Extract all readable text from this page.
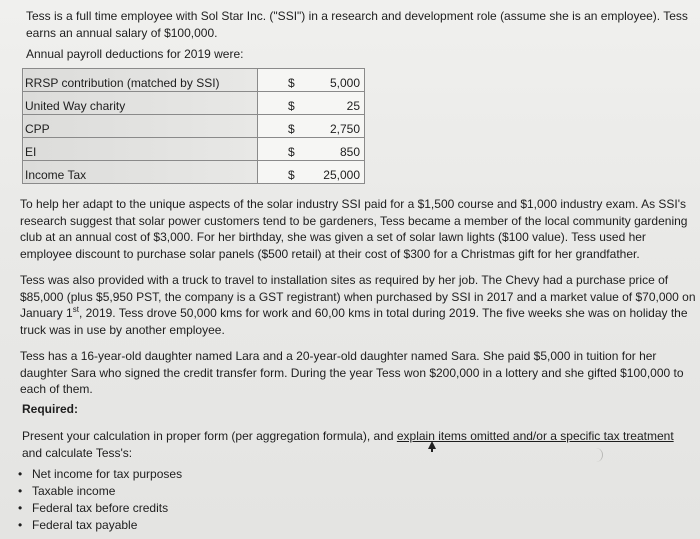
Tess is a full time employee with Sol Star Inc. ("SSI") in a research and development role (assume she is an employee). Tess
earns an annual salary of $100,000.
Annual payroll deductions for 2019 were:
RRSP contribution (matched by SSI)	$ 5,000

United Way charity	$ 25

CPP	$ 2,750

EI	$ 850

Income Tax	$ 25,000
To help her adapt to the unique aspects of the solar industry SSI paid for a $1,500 course and $1,000 industry exam. As SSI's
research suggest that solar power customers tend to be gardeners, Tess became a member of the local community gardening
club at an annual cost of $3,000. For her birthday, she was given a set of solar lawn lights ($100 value). Tess used her
employee discount to purchase solar panels ($500 retail) at their cost of $300 for a Christmas gift for her grandfather.
Tess was also provided with a truck to travel to installation sites as required by her job. The Chevy had a purchase price of
$85,000 (plus $5,950 PST, the company is a GST registrant) when purchased by SSI in 2017 and a market value of $70,000 on
January 1st, 2019. Tess drove 50,000 kms for work and 60,00 kms in total during 2019. The five weeks she was on holiday the
truck was in use by another employee.
Tess has a 16-year-old daughter named Lara and a 20-year-old daughter named Sara. She paid $5,000 in tuition for her
daughter Sara who signed the credit transfer form. During the year Tess won $200,000 in a lottery and she gifted $100,000 to
each of them.
Required:
Present your calculation in proper form (per aggregation formula), and explain items omitted and/or a specific tax treatment
and calculate Tess's:
• Net income for tax purposes
• Taxable income
• Federal tax before credits
• Federal tax payable
